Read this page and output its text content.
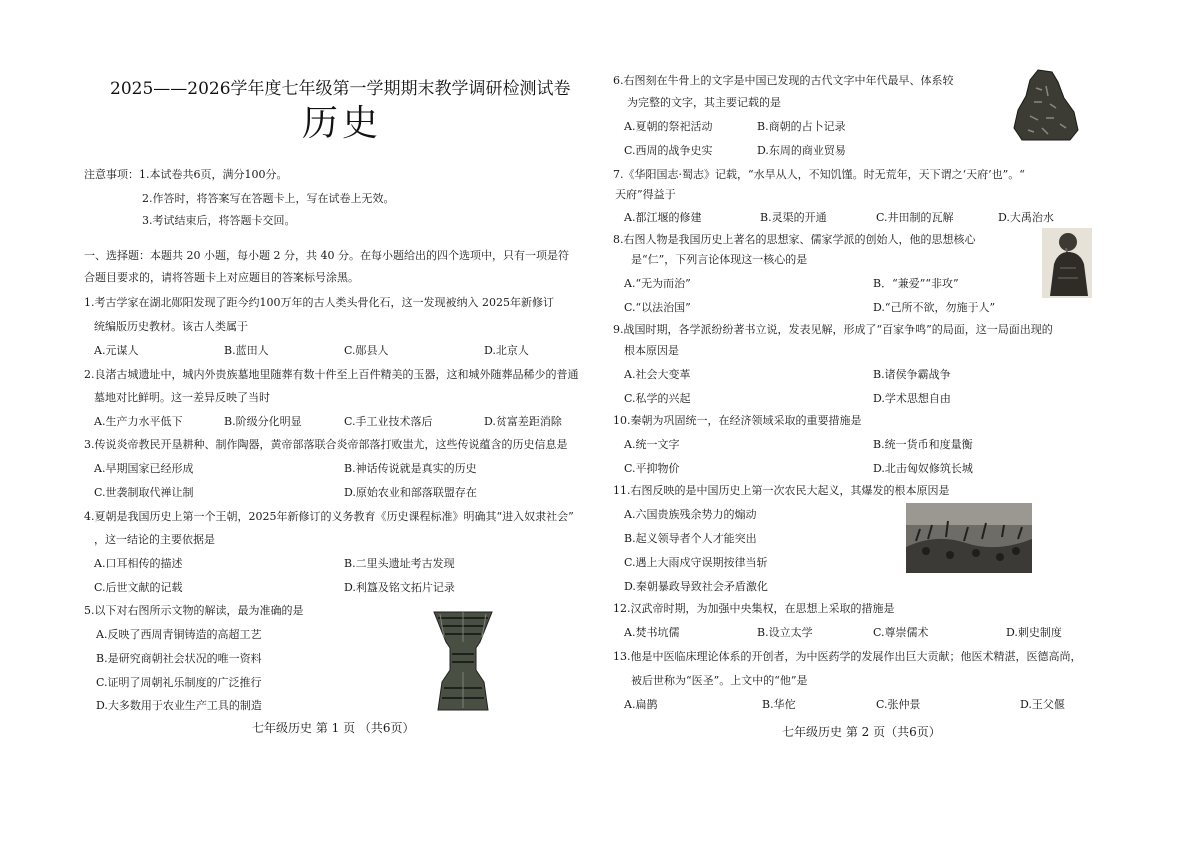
2025——2026学年度七年级第一学期期末教学调研检测试卷
历史
注意事项：1.本试卷共6页，满分100分。
2.作答时，将答案写在答题卡上，写在试卷上无效。
3.考试结束后，将答题卡交回。
一、选择题：本题共 20 小题，每小题 2 分，共 40 分。在每小题给出的四个选项中，只有一项是符
合题目要求的，请将答题卡上对应题目的答案标号涂黑。
1.考古学家在湖北郧阳发现了距今约100万年的古人类头骨化石，这一发现被纳入 2025年新修订
统编版历史教材。该古人类属于
A.元谋人	B.蓝田人	C.郧县人	D.北京人
2.良渚古城遗址中，城内外贵族墓地里随葬有数十件至上百件精美的玉器，这和城外随葬品稀少的普通
墓地对比鲜明。这一差异反映了当时
A.生产力水平低下	B.阶级分化明显	C.手工业技术落后	D.贫富差距消除
3.传说炎帝教民开垦耕种、制作陶器，黄帝部落联合炎帝部落打败蚩尤，这些传说蕴含的历史信息是
A.早期国家已经形成	B.神话传说就是真实的历史
C.世袭制取代禅让制	D.原始农业和部落联盟存在
4.夏朝是我国历史上第一个王朝，2025年新修订的义务教育《历史课程标准》明确其“进入奴隶社会”
，这一结论的主要依据是
A.口耳相传的描述	B.二里头遗址考古发现
C.后世文献的记载	D.利簋及铭文拓片记录
5.以下对右图所示文物的解读，最为准确的是
A.反映了西周青铜铸造的高超工艺
B.是研究商朝社会状况的唯一资料
C.证明了周朝礼乐制度的广泛推行
D.大多数用于农业生产工具的制造
七年级历史 第 1 页 （共6页）
6.右图刻在牛骨上的文字是中国已发现的古代文字中年代最早、体系较
为完整的文字，其主要记载的是
A.夏朝的祭祀活动	B.商朝的占卜记录
C.西周的战争史实	D.东周的商业贸易
7.《华阳国志·蜀志》记载，“水旱从人，不知饥馑。时无荒年，天下谓之‘天府’也”。“
天府”得益于
A.都江堰的修建	B.灵渠的开通	C.井田制的瓦解	D.大禹治水
8.右图人物是我国历史上著名的思想家、儒家学派的创始人，他的思想核心
是“仁”，下列言论体现这一核心的是
A.“无为而治”	B．“兼爱”“非攻”
C.“以法治国”	D.“己所不欲，勿施于人”
9.战国时期，各学派纷纷著书立说，发表见解，形成了“百家争鸣”的局面，这一局面出现的
根本原因是
A.社会大变革	B.诸侯争霸战争
C.私学的兴起	D.学术思想自由
10.秦朝为巩固统一，在经济领域采取的重要措施是
A.统一文字	B.统一货币和度量衡
C.平抑物价	D.北击匈奴修筑长城
11.右图反映的是中国历史上第一次农民大起义，其爆发的根本原因是
A.六国贵族残余势力的煽动
B.起义领导者个人才能突出
C.遇上大雨戍守误期按律当斩
D.秦朝暴政导致社会矛盾激化
12.汉武帝时期，为加强中央集权，在思想上采取的措施是
A.焚书坑儒	B.设立太学	C.尊崇儒术	D.刺史制度
13.他是中医临床理论体系的开创者，为中医药学的发展作出巨大贡献；他医术精湛，医德高尚，
被后世称为“医圣”。上文中的“他”是
A.扁鹊	B.华佗	C.张仲景	D.王父偃
七年级历史 第 2 页（共6页）
